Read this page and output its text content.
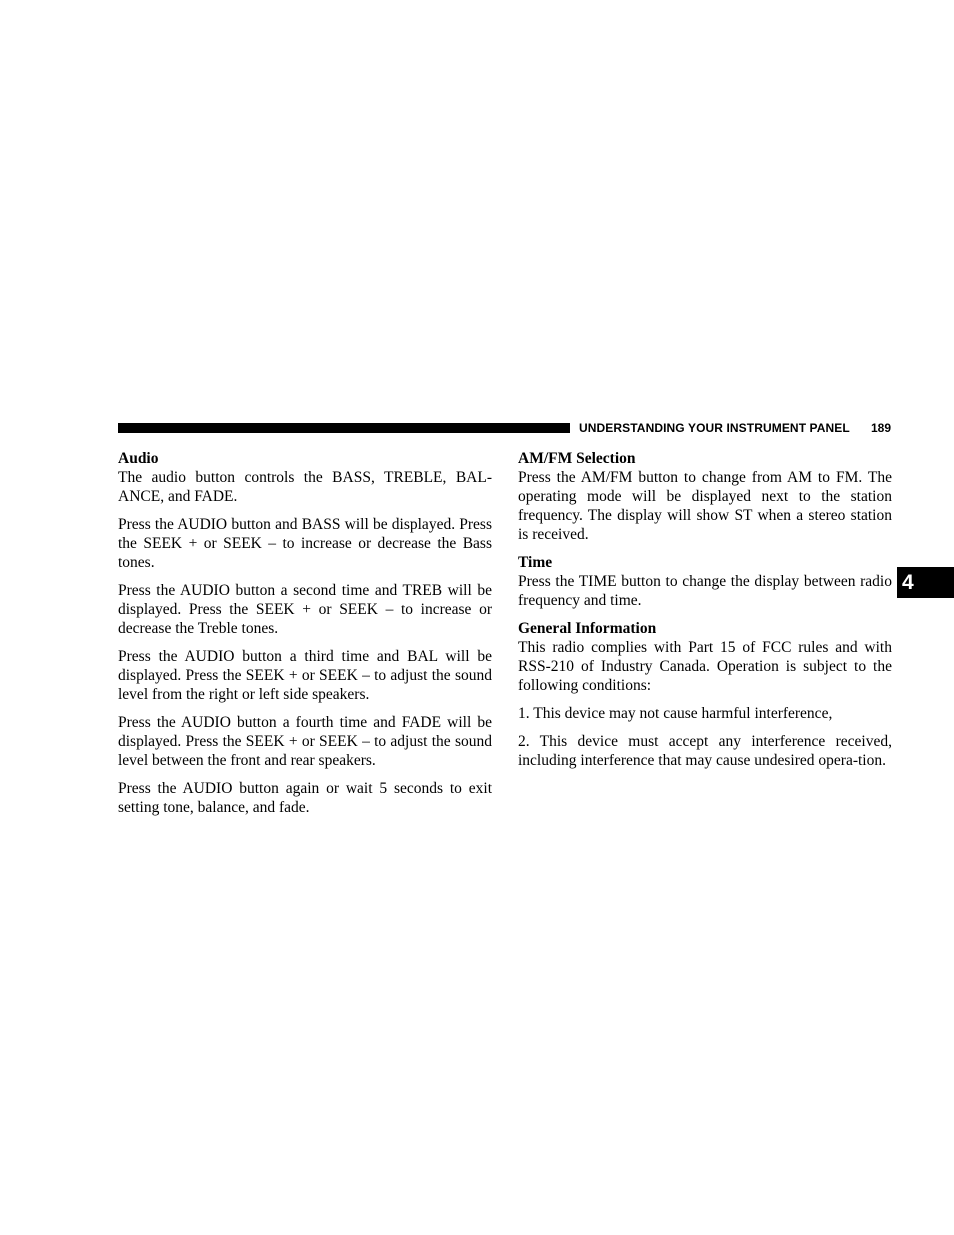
UNDERSTANDING YOUR INSTRUMENT PANEL 189
4
Audio

The audio button controls the BASS, TREBLE, BAL-ANCE, and FADE.

Press the AUDIO button and BASS will be displayed. Press the SEEK + or SEEK – to increase or decrease the Bass tones.

Press the AUDIO button a second time and TREB will be displayed. Press the SEEK + or SEEK – to increase or decrease the Treble tones.

Press the AUDIO button a third time and BAL will be displayed. Press the SEEK + or SEEK – to adjust the sound level from the right or left side speakers.

Press the AUDIO button a fourth time and FADE will be displayed. Press the SEEK + or SEEK – to adjust the sound level between the front and rear speakers.

Press the AUDIO button again or wait 5 seconds to exit setting tone, balance, and fade.

AM/FM Selection

Press the AM/FM button to change from AM to FM. The operating mode will be displayed next to the station frequency. The display will show ST when a stereo station is received.

Time

Press the TIME button to change the display between radio frequency and time.

General Information

This radio complies with Part 15 of FCC rules and with RSS-210 of Industry Canada. Operation is subject to the following conditions:

1. This device may not cause harmful interference,

2. This device must accept any interference received, including interference that may cause undesired opera-tion.
